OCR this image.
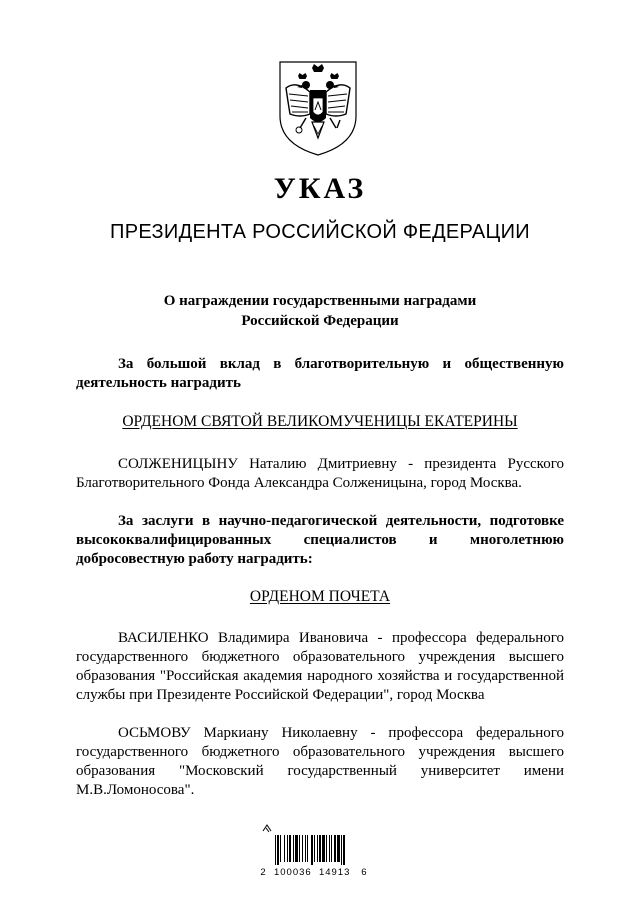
УКАЗ
ПРЕЗИДЕНТА РОССИЙСКОЙ ФЕДЕРАЦИИ
О награждении государственными наградами
Российской Федерации
За большой вклад в благотворительную и общественную деятельность наградить
ОРДЕНОМ СВЯТОЙ ВЕЛИКОМУЧЕНИЦЫ ЕКАТЕРИНЫ
СОЛЖЕНИЦЫНУ Наталию Дмитриевну - президента Русского Благотворительного Фонда Александра Солженицына, город Москва.
За заслуги в научно-педагогической деятельности, подготовке высококвалифицированных специалистов и многолетнюю добросовестную работу наградить:
ОРДЕНОМ ПОЧЕТА
ВАСИЛЕНКО Владимира Ивановича - профессора федерального государственного бюджетного образовательного учреждения высшего образования "Российская академия народного хозяйства и государственной службы при Президенте Российской Федерации", город Москва
ОСЬМОВУ Маркиану Николаевну - профессора федерального государственного бюджетного образовательного учреждения высшего образования "Московский государственный университет имени М.В.Ломоносова".
2  100036  14913   6
